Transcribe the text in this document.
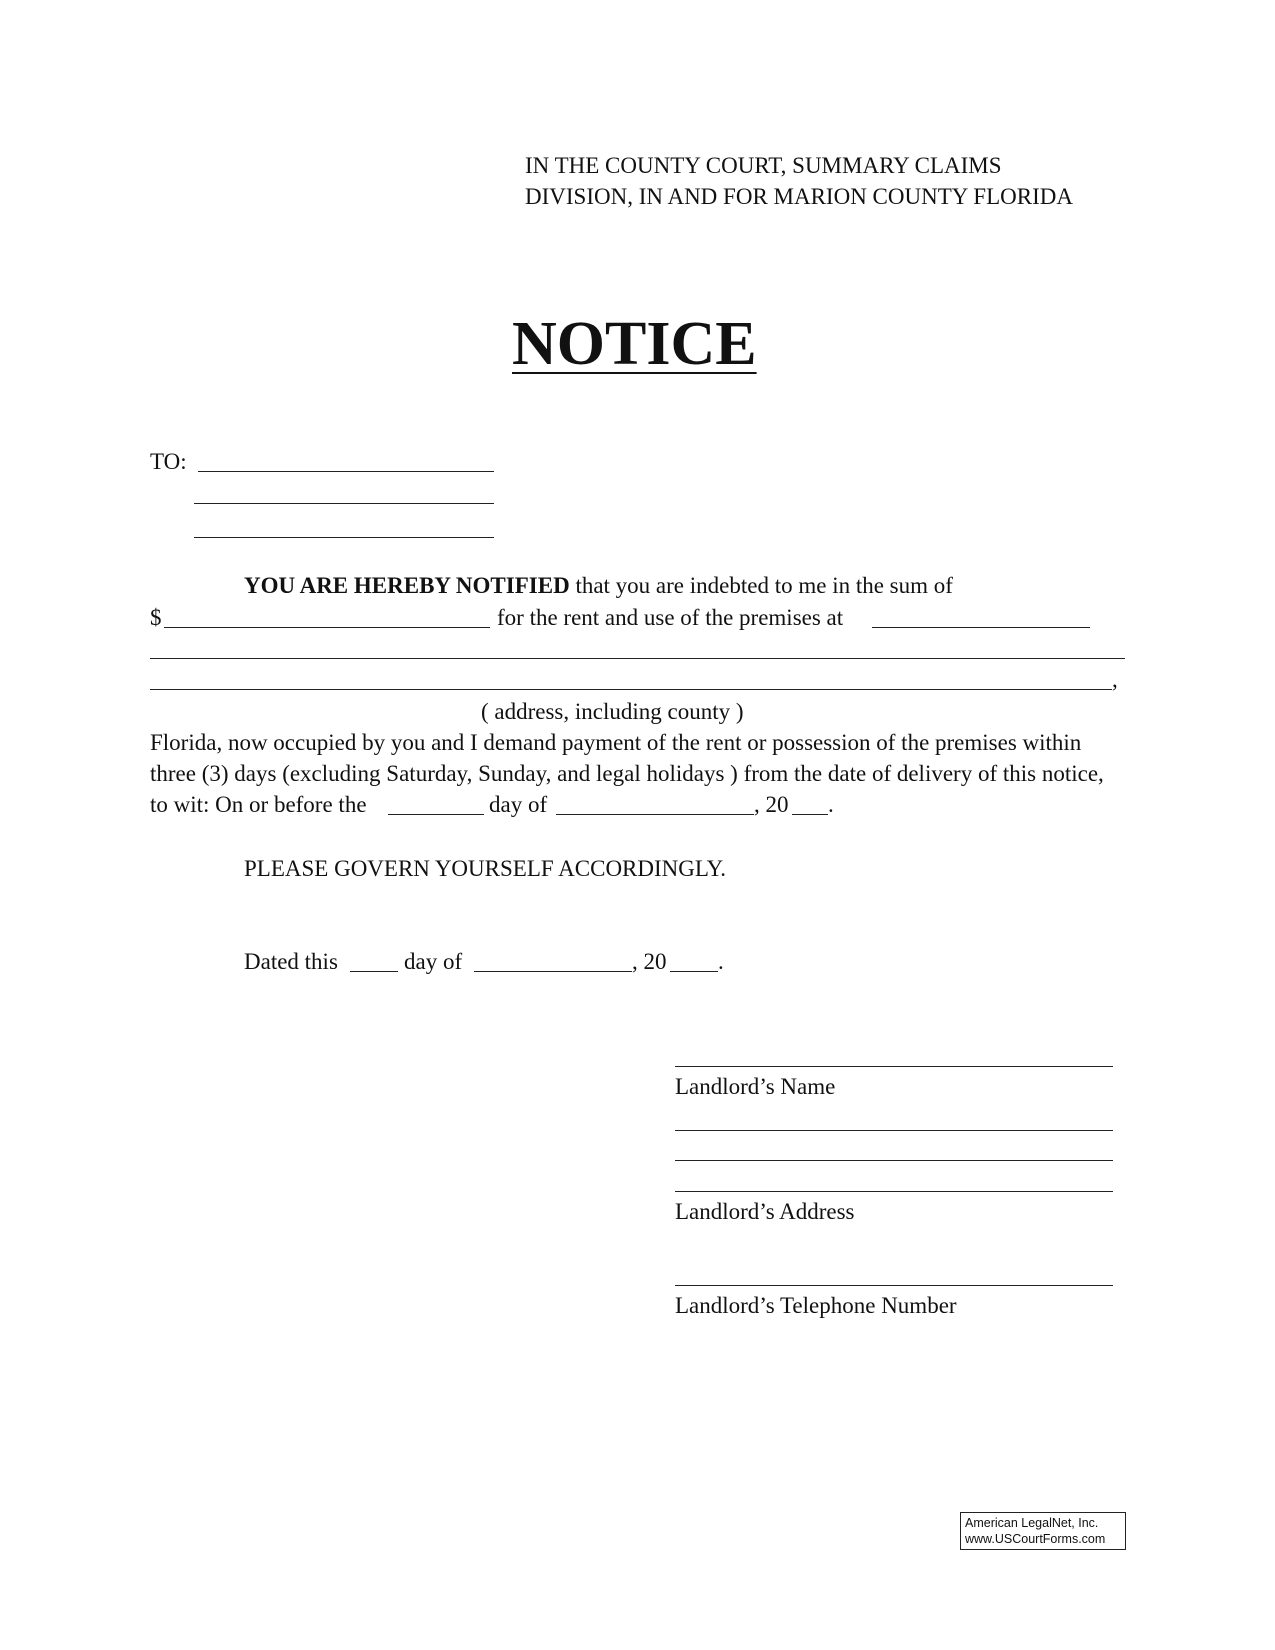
IN THE COUNTY COURT, SUMMARY CLAIMS
DIVISION, IN AND FOR MARION COUNTY FLORIDA
NOTICE
TO:
YOU ARE HEREBY NOTIFIED that you are indebted to me in the sum of
$	for the rent and use of the premises at
,
( address, including county )
Florida, now occupied by you and I demand payment of the rent or possession of the premises within
three (3) days (excluding Saturday, Sunday, and legal holidays ) from the date of delivery of this notice,
to wit: On or before the	day of	, 20 .
PLEASE GOVERN YOURSELF ACCORDINGLY.
Dated this	day of	, 20 .
Landlord’s Name
Landlord’s Address
Landlord’s Telephone Number
American LegalNet, Inc.
www.USCourtForms.com
